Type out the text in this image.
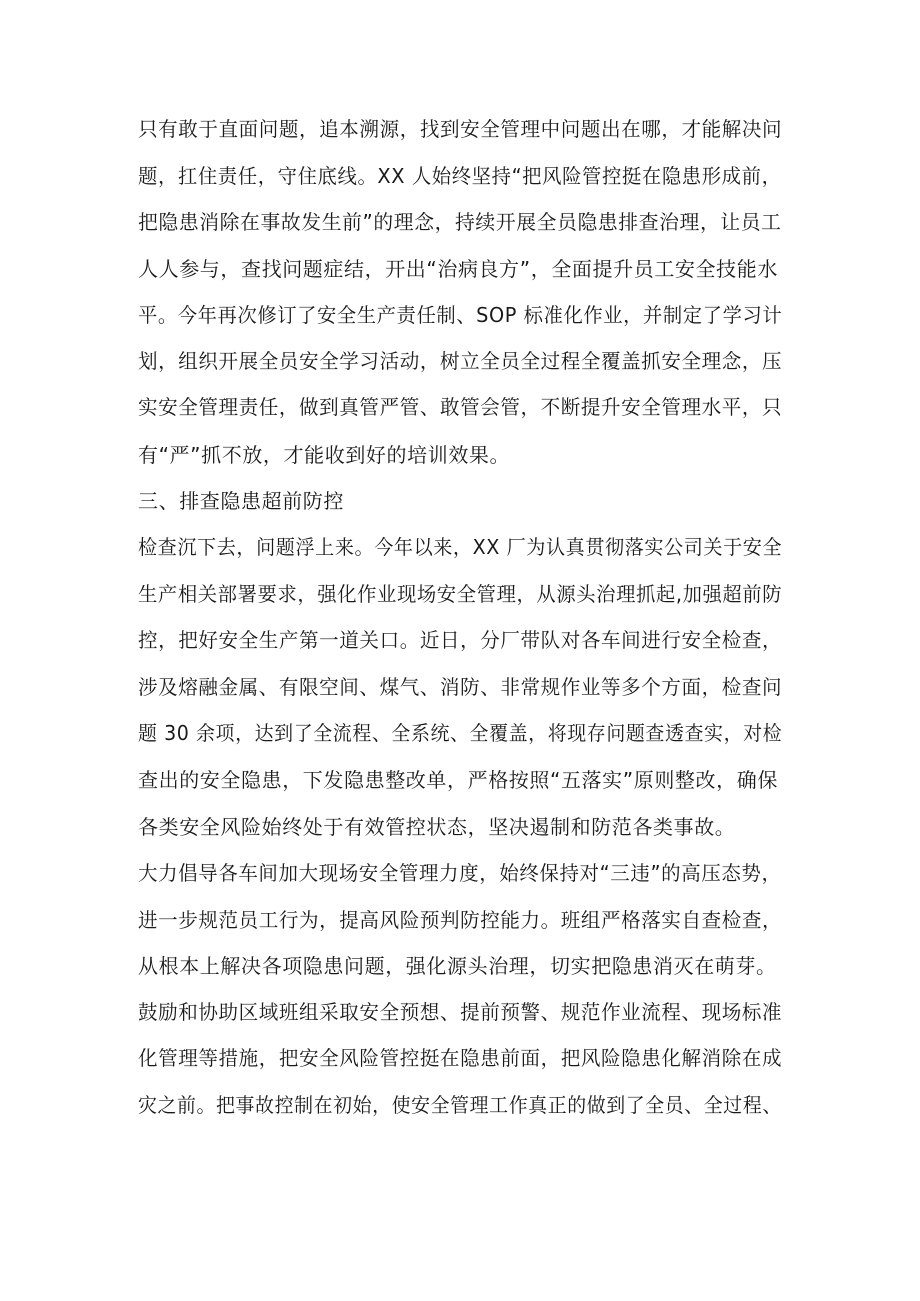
只有敢于直面问题，追本溯源，找到安全管理中问题出在哪，才能解决问
题，扛住责任，守住底线。XX 人始终坚持“把风险管控挺在隐患形成前，
把隐患消除在事故发生前”的理念，持续开展全员隐患排查治理，让员工
人人参与，查找问题症结，开出“治病良方”，全面提升员工安全技能水
平。今年再次修订了安全生产责任制、SOP 标准化作业，并制定了学习计
划，组织开展全员安全学习活动，树立全员全过程全覆盖抓安全理念，压
实安全管理责任，做到真管严管、敢管会管，不断提升安全管理水平，只
有“严”抓不放，才能收到好的培训效果。
三、排查隐患超前防控
检查沉下去，问题浮上来。今年以来，XX 厂为认真贯彻落实公司关于安全
生产相关部署要求，强化作业现场安全管理，从源头治理抓起,加强超前防
控，把好安全生产第一道关口。近日，分厂带队对各车间进行安全检查，
涉及熔融金属、有限空间、煤气、消防、非常规作业等多个方面，检查问
题 30 余项，达到了全流程、全系统、全覆盖，将现存问题查透查实，对检
查出的安全隐患，下发隐患整改单，严格按照“五落实”原则整改，确保
各类安全风险始终处于有效管控状态，坚决遏制和防范各类事故。
大力倡导各车间加大现场安全管理力度，始终保持对“三违”的高压态势，
进一步规范员工行为，提高风险预判防控能力。班组严格落实自查检查，
从根本上解决各项隐患问题，强化源头治理，切实把隐患消灭在萌芽。
鼓励和协助区域班组采取安全预想、提前预警、规范作业流程、现场标准
化管理等措施，把安全风险管控挺在隐患前面，把风险隐患化解消除在成
灾之前。把事故控制在初始，使安全管理工作真正的做到了全员、全过程、
